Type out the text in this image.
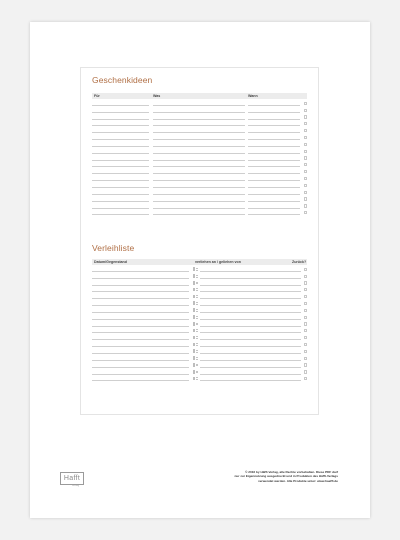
Geschenkideen
Für	Was	Wann
Verleihliste
Datum/Gegenstand	verliehen an / geliehen von	Zurück?
Hafft
Verlag
© 2016 by Häfft-Verlag, alle Rechte vorbehalten. Diese PDF darf
nur zur Eigennutzung ausgedruckt und in Produkten des Häfft-Verlags
verwendet werden. Alle Produkte unter: www.haefft.de
